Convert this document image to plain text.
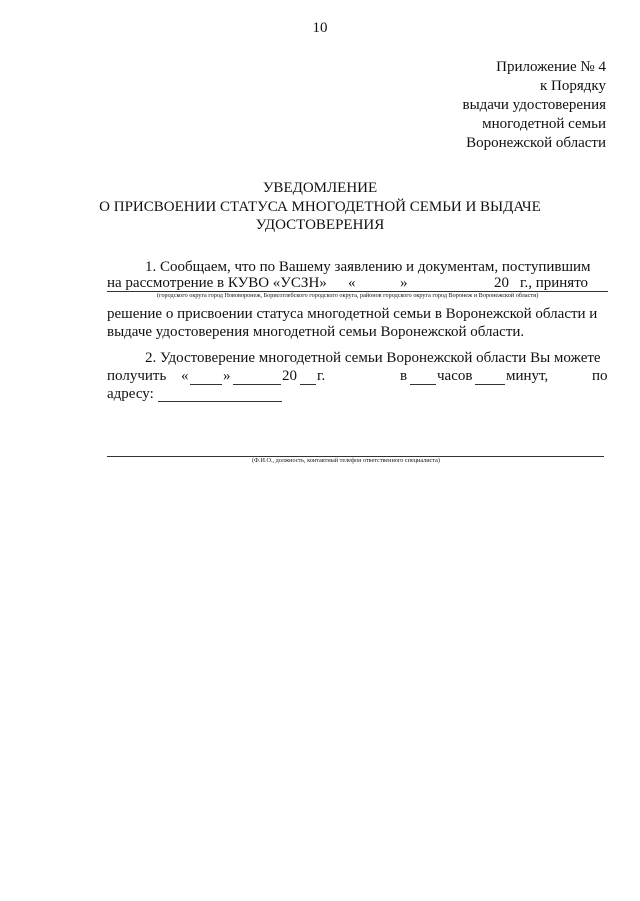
10
Приложение № 4
к Порядку
выдачи удостоверения
многодетной семьи
Воронежской области
УВЕДОМЛЕНИЕ
О ПРИСВОЕНИИ СТАТУСА МНОГОДЕТНОЙ СЕМЬИ И ВЫДАЧЕ
УДОСТОВЕРЕНИЯ
1. Сообщаем, что по Вашему заявлению и документам, поступившим
на рассмотрение в КУВО «УСЗН» «	»	20 г., принято
(городского округа город Нововоронеж, Борисоглебского городского округа, районов городского округа город Воронеж и Воронежской области)
решение о присвоении статуса многодетной семьи в Воронежской области и
выдаче удостоверения многодетной семьи Воронежской области.
2. Удостоверение многодетной семьи Воронежской области Вы можете
получить « »	20 г.	в часов минут,	по
адресу:
(Ф.И.О., должность, контактный телефон ответственного специалиста)
